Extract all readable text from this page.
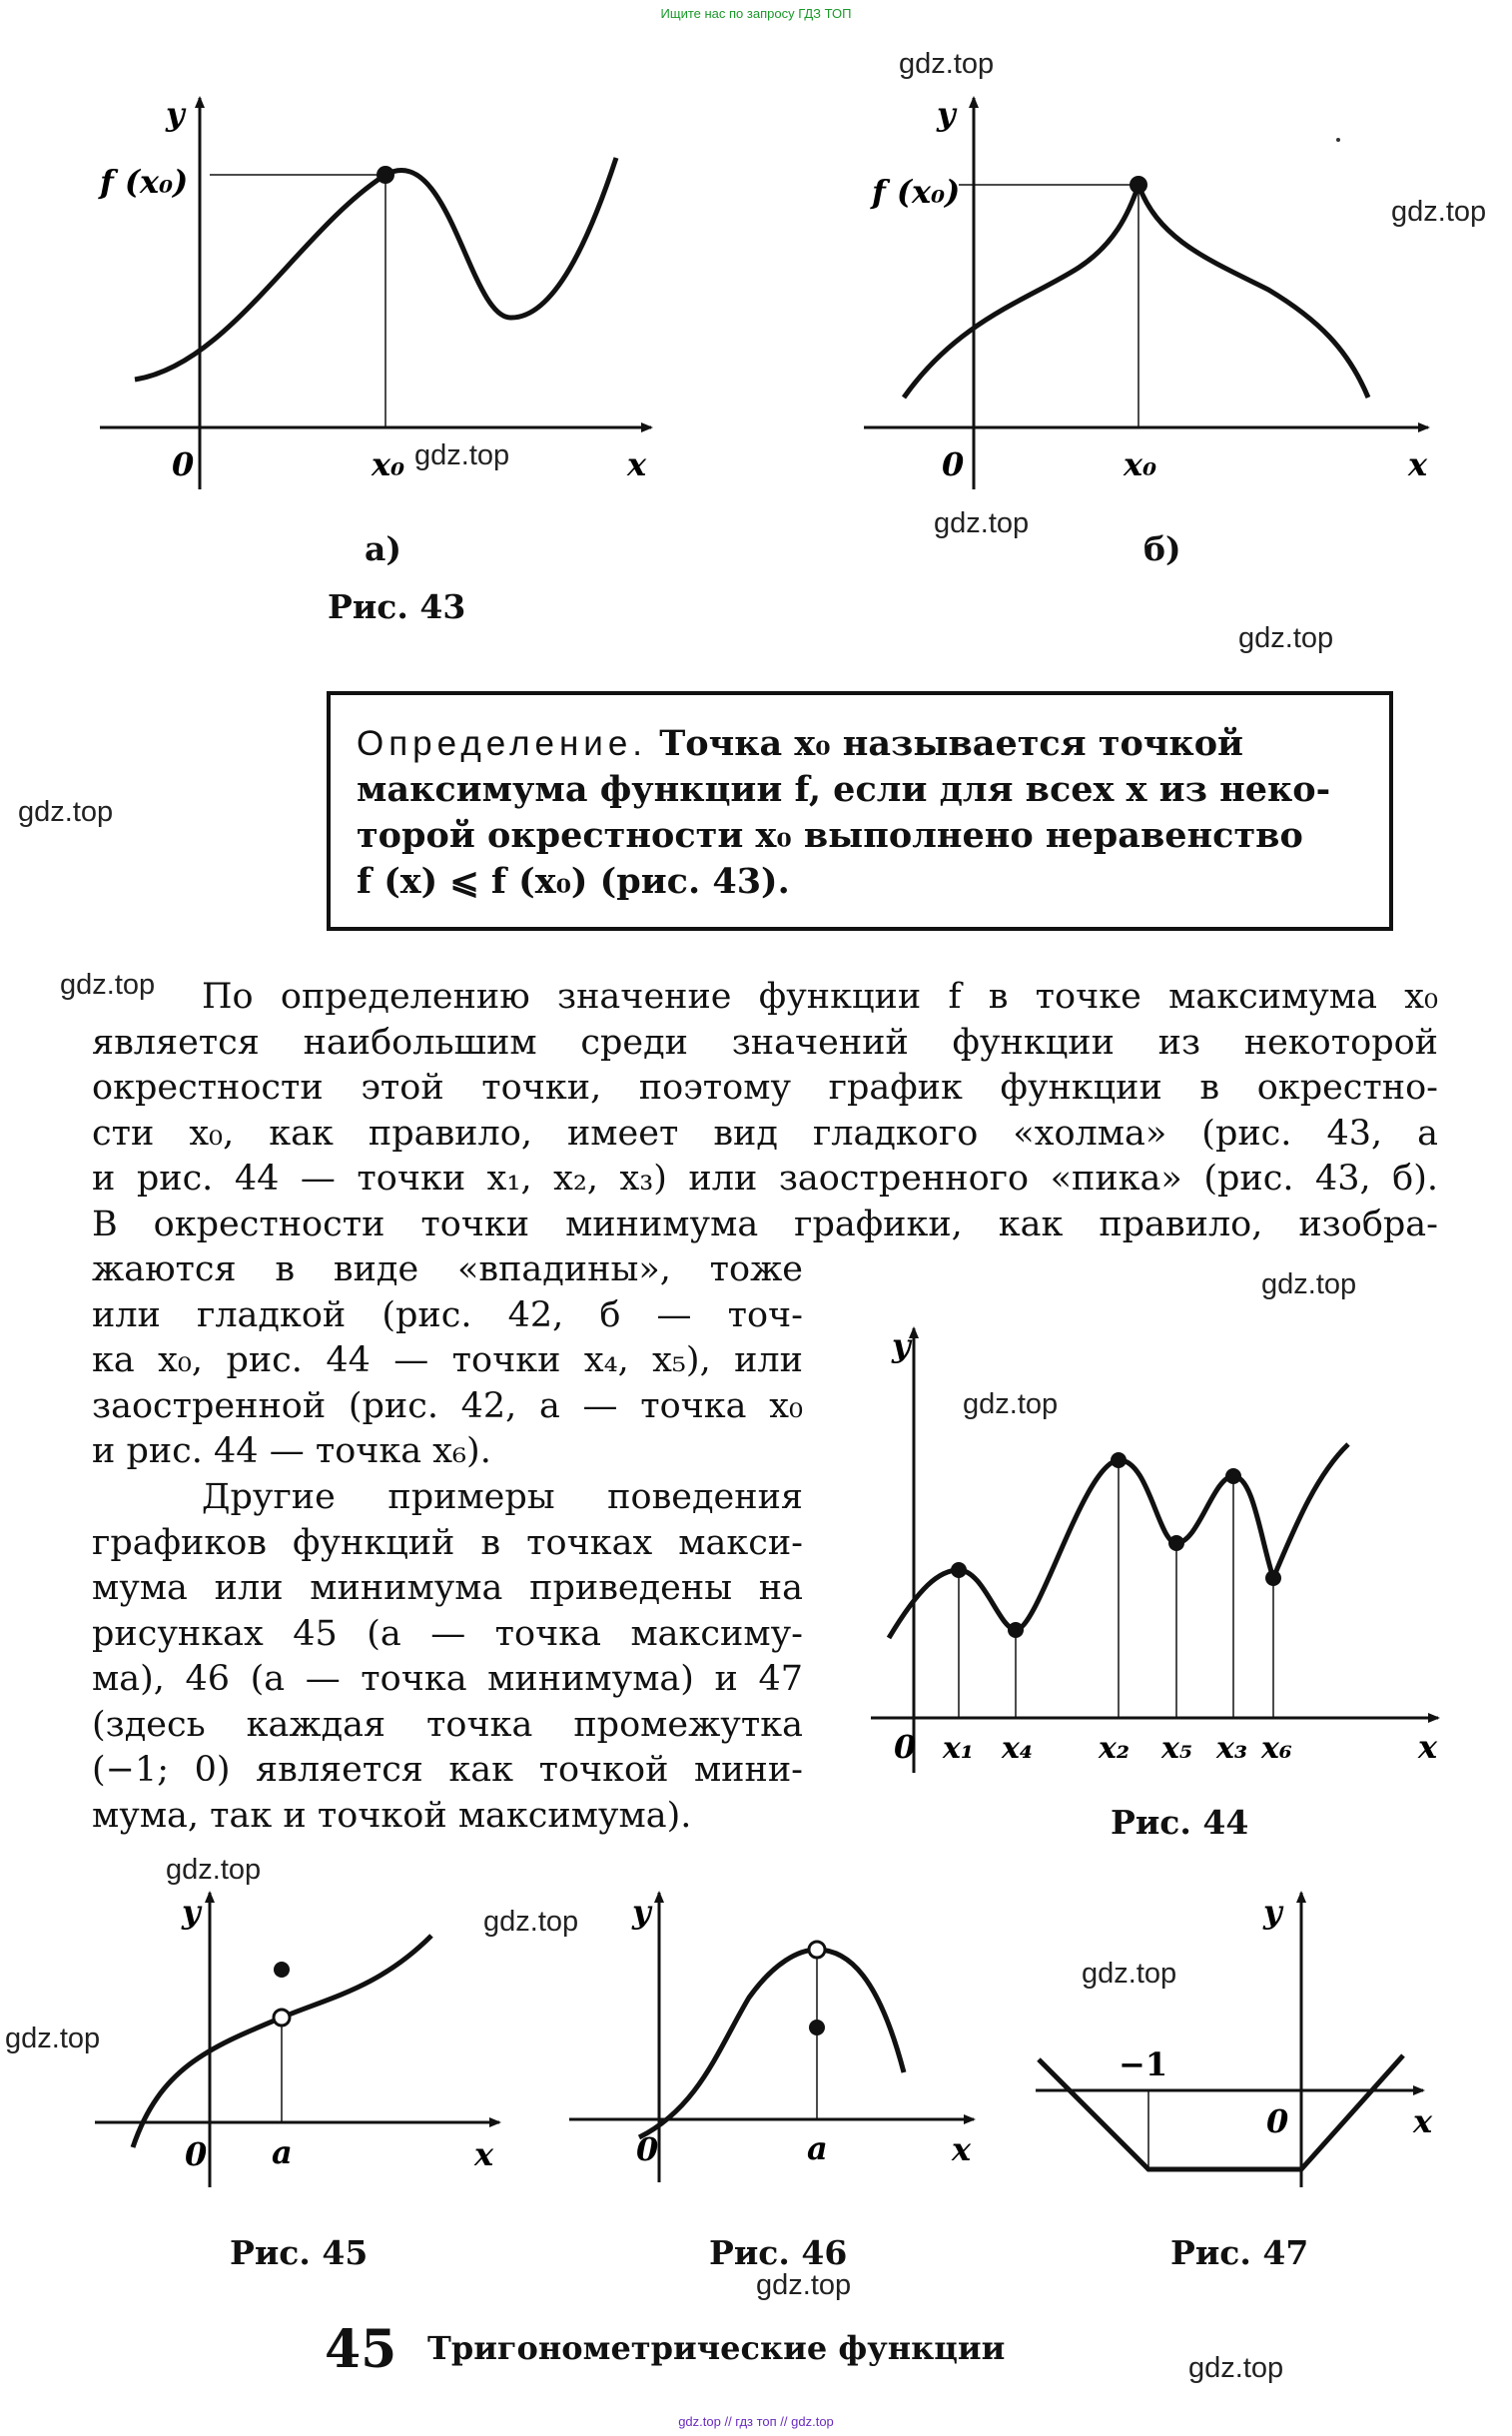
Ищите нас по запросу ГДЗ ТОП
gdz.top
gdz.top
gdz.top
gdz.top
gdz.top
gdz.top
gdz.top
gdz.top
gdz.top
gdz.top
gdz.top
gdz.top
gdz.top
gdz.top
gdz.top
y
f (x₀)
0	x₀	x
y
f (x₀)
0	x₀	x
а)	б)
Рис. 43
Определение. Точка x₀ называется точкой
максимума функции f, если для всех x из неко-
торой окрестности x₀ выполнено неравенство
f (x) ⩽ f (x₀) (рис. 43).
По определению значение функции f в точке максимума x₀
является наибольшим среди значений функции из некоторой
окрестности этой точки, поэтому график функции в окрестно-
сти x₀, как правило, имеет вид гладкого «холма» (рис. 43, а
и рис. 44 — точки x₁, x₂, x₃) или заостренного «пика» (рис. 43, б).
В окрестности точки минимума графики, как правило, изобра-
жаются в виде «впадины», тоже
или гладкой (рис. 42, б — точ-
ка x₀, рис. 44 — точки x₄, x₅), или
заостренной (рис. 42, а — точка x₀
и рис. 44 — точка x₆).
Другие примеры поведения
графиков функций в точках макси-
мума или минимума приведены на
рисунках 45 (а — точка максиму-
ма), 46 (а — точка минимума) и 47
(здесь каждая точка промежутка
(−1; 0) является как точкой мини-
мума, так и точкой максимума).
y
0	x
x₁ x₄ x₂ x₅ x₃ x₆
y
0 a	x
y
0	a	x
y
−1
0	x
Рис. 44
Рис. 45	Рис. 46	Рис. 47
45 Тригонометрические функции
gdz.top // гдз топ // gdz.top
